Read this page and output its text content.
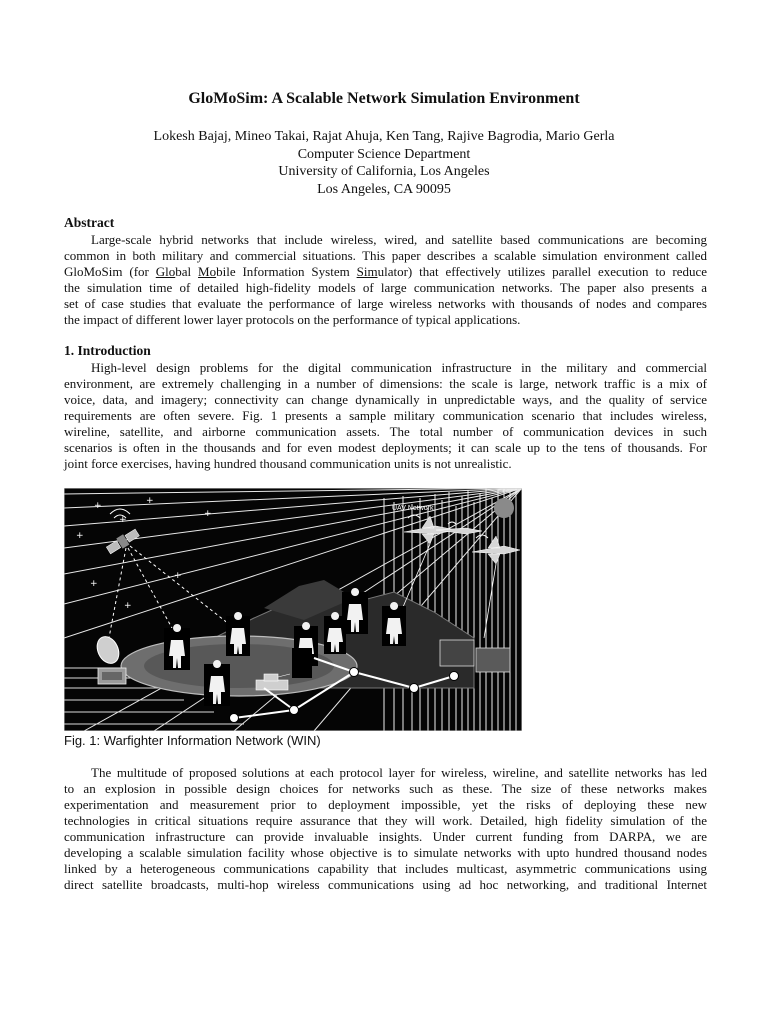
GloMoSim: A Scalable Network Simulation Environment
Lokesh Bajaj, Mineo Takai, Rajat Ahuja, Ken Tang, Rajive Bagrodia, Mario Gerla
Computer Science Department
University of California, Los Angeles
Los Angeles, CA 90095
Abstract
Large-scale hybrid networks that include wireless, wired, and satellite based communications are becoming
common in both military and commercial situations. This paper describes a scalable simulation environment called
GloMoSim (for Global Mobile Information System Simulator) that effectively utilizes parallel execution to reduce
the simulation time of detailed high-fidelity models of large communication networks. The paper also presents a
set of case studies that evaluate the performance of large wireless networks with thousands of nodes and compares
the impact of different lower layer protocols on the performance of typical applications.
1. Introduction
High-level design problems for the digital communication infrastructure in the military and commercial
environment, are extremely challenging in a number of dimensions: the scale is large, network traffic is a mix of
voice, data, and imagery; connectivity can change dynamically in unpredictable ways, and the quality of service
requirements are often severe. Fig. 1 presents a sample military communication scenario that includes wireless,
wireline, satellite, and airborne communication assets. The total number of communication devices in such
scenarios is often in the thousands and for even modest deployments; it can scale up to the tens of thousands. For
joint force exercises, having hundred thousand communication units is not unrealistic.
+
+
+
+
+
+
+
+
UAV Network
Fig. 1: Warfighter Information Network (WIN)
The multitude of proposed solutions at each protocol layer for wireless, wireline, and satellite networks has led
to an explosion in possible design choices for networks such as these. The size of these networks makes
experimentation and measurement prior to deployment impossible, yet the risks of deploying these new
technologies in critical situations require assurance that they will work. Detailed, high fidelity simulation of the
communication infrastructure can provide invaluable insights. Under current funding from DARPA, we are
developing a scalable simulation facility whose objective is to simulate networks with upto hundred thousand nodes
linked by a heterogeneous communications capability that includes multicast, asymmetric communications using
direct satellite broadcasts, multi-hop wireless communications using ad hoc networking, and traditional Internet
